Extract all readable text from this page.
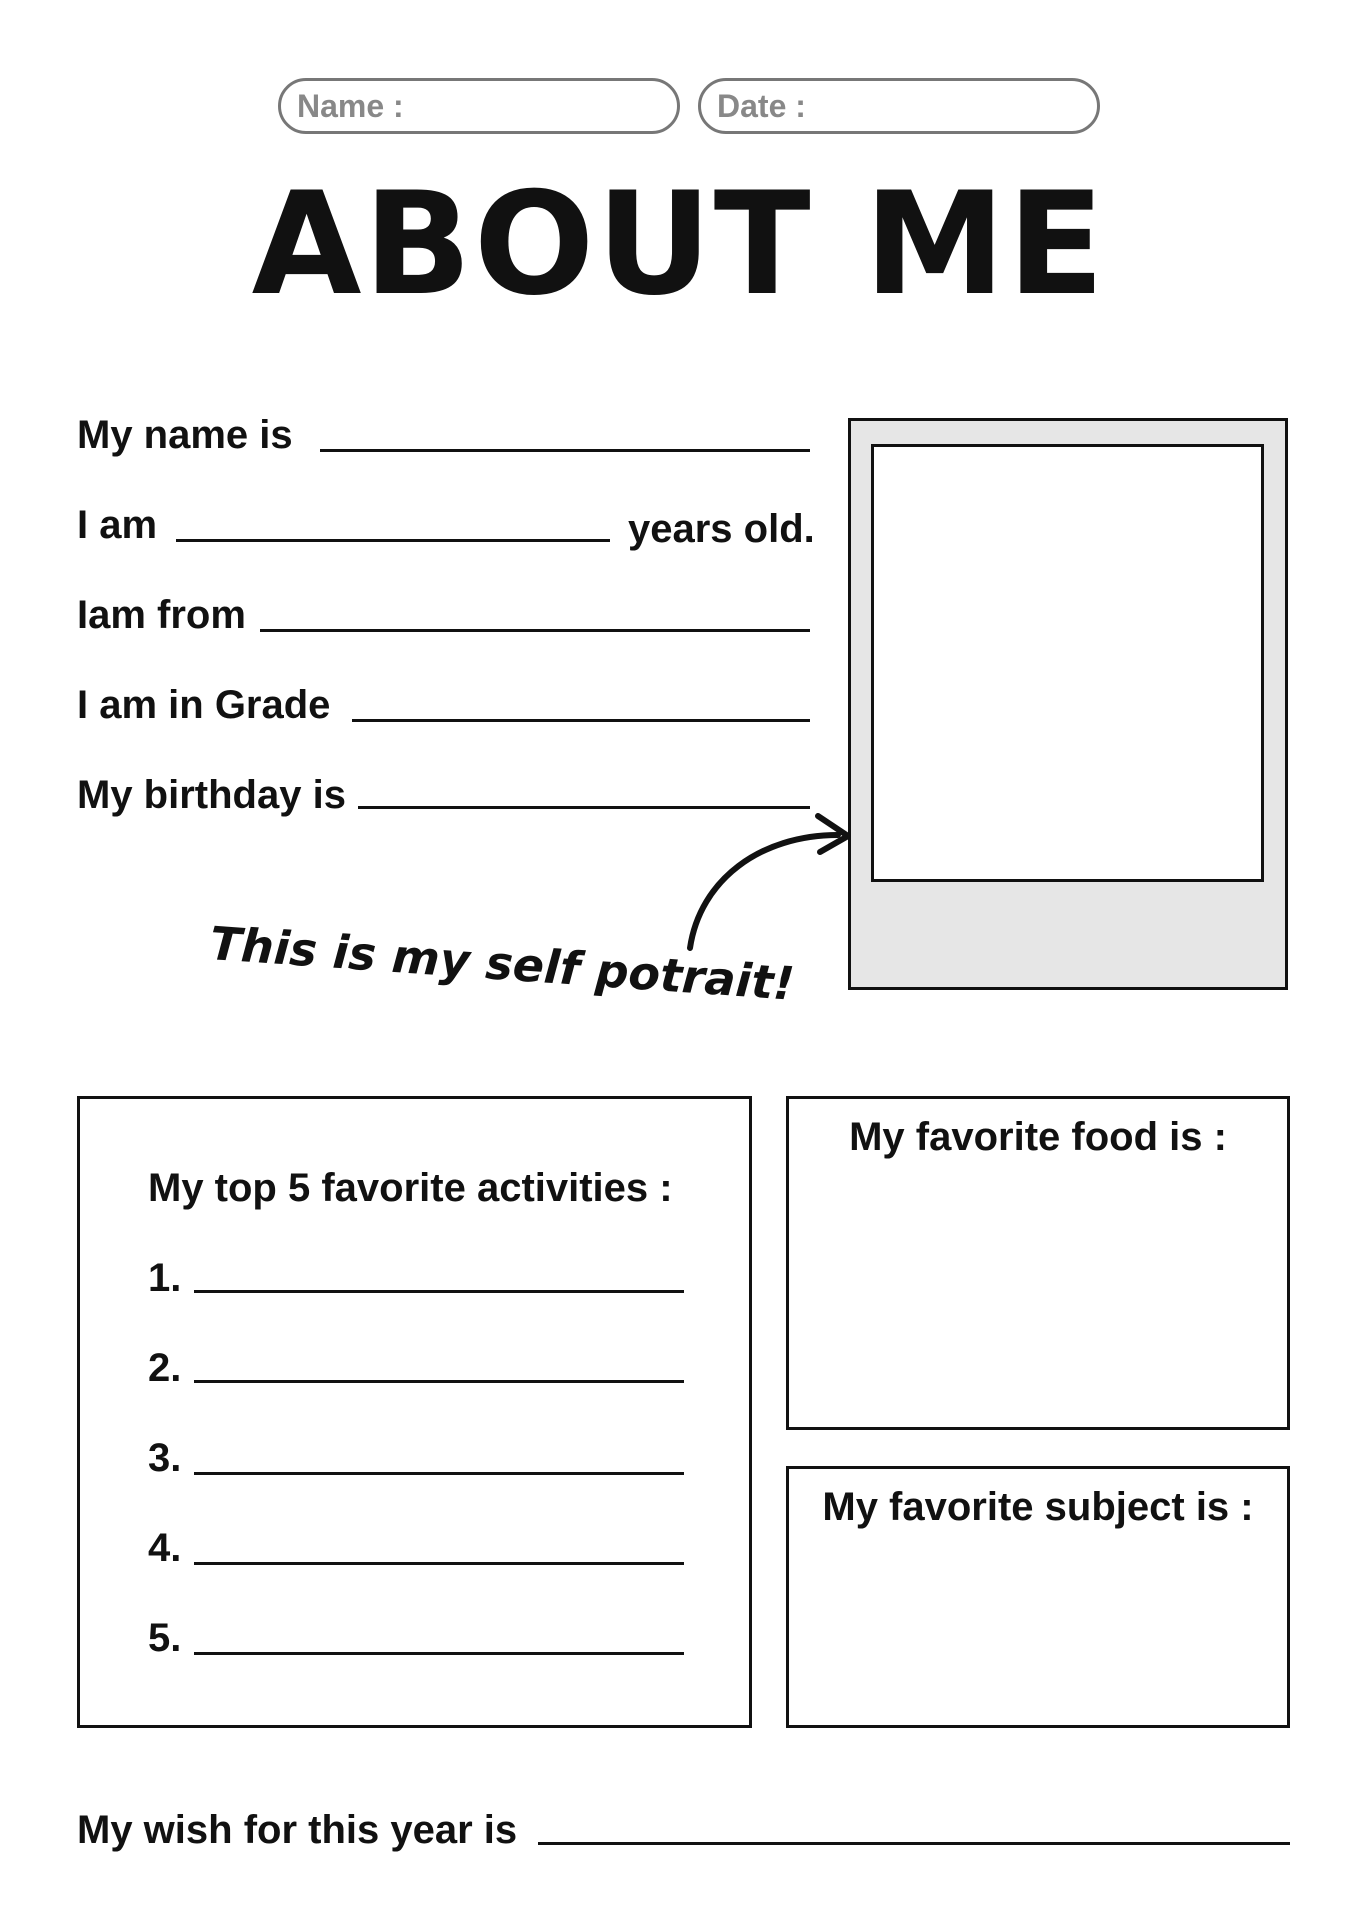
Name :	Date :
ABOUT ME
My name is
I am	years old.
Iam from
I am in Grade
My birthday is
This is my self potrait!
My top 5 favorite activities :
1.
2.
3.
4.
5.
My favorite food is :
My favorite subject is :
My wish for this year is
